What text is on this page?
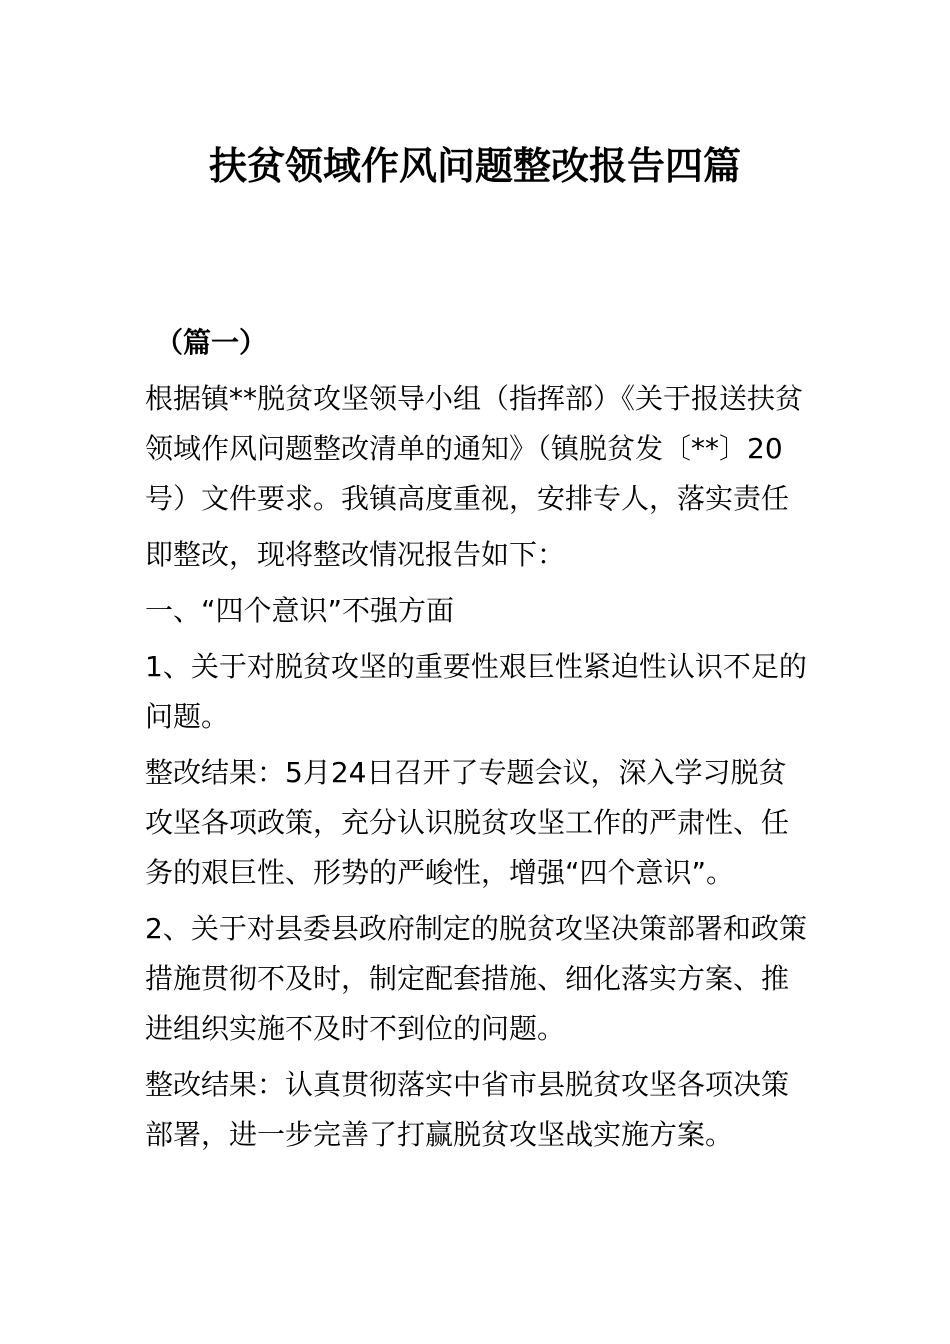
扶贫领域作风问题整改报告四篇

（篇一）

根据镇**脱贫攻坚领导小组（指挥部）《关于报送扶贫领域作风问题整改清单的通知》（镇脱贫发〔**〕20号）文件要求。我镇高度重视，安排专人，落实责任

即整改，现将整改情况报告如下：

一、“四个意识”不强方面

1、关于对脱贫攻坚的重要性艰巨性紧迫性认识不足的问题。

整改结果：5月24日召开了专题会议，深入学习脱贫攻坚各项政策，充分认识脱贫攻坚工作的严肃性、任务的艰巨性、形势的严峻性，增强“四个意识”。

2、关于对县委县政府制定的脱贫攻坚决策部署和政策措施贯彻不及时，制定配套措施、细化落实方案、推进组织实施不及时不到位的问题。

整改结果：认真贯彻落实中省市县脱贫攻坚各项决策部署，进一步完善了打赢脱贫攻坚战实施方案。
